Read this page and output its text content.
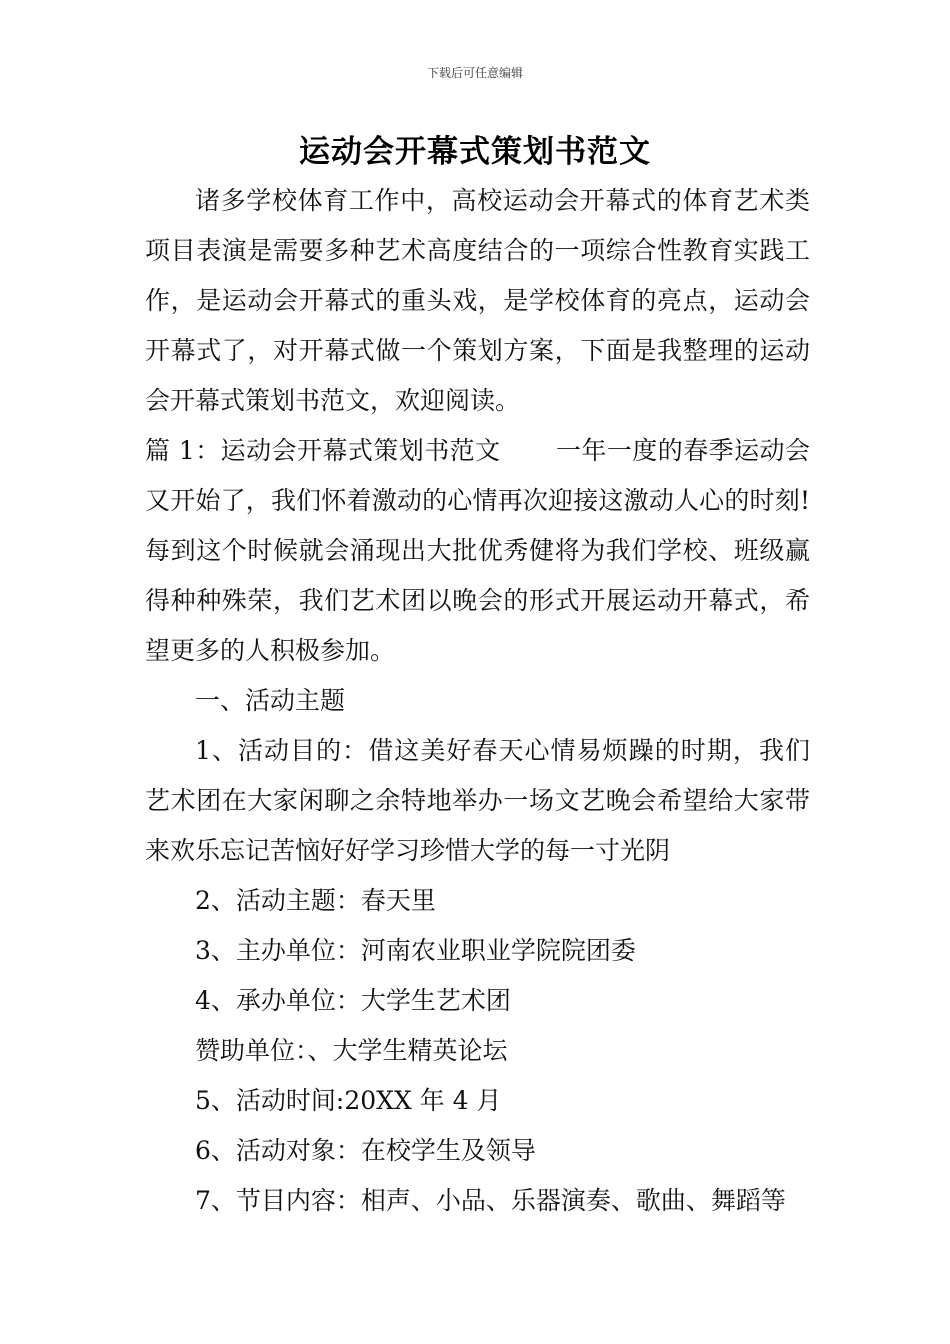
下载后可任意编辑
运动会开幕式策划书范文

诸多学校体育工作中，高校运动会开幕式的体育艺术类项目表演是需要多种艺术高度结合的一项综合性教育实践工作，是运动会开幕式的重头戏，是学校体育的亮点，运动会开幕式了，对开幕式做一个策划方案，下面是我整理的运动会开幕式策划书范文，欢迎阅读。

篇 1：运动会开幕式策划书范文 一年一度的春季运动会又开始了，我们怀着激动的心情再次迎接这激动人心的时刻!每到这个时候就会涌现出大批优秀健将为我们学校、班级赢得种种殊荣，我们艺术团以晚会的形式开展运动开幕式，希望更多的人积极参加。

一、活动主题

1、活动目的：借这美好春天心情易烦躁的时期，我们艺术团在大家闲聊之余特地举办一场文艺晚会希望给大家带来欢乐忘记苦恼好好学习珍惜大学的每一寸光阴

2、活动主题：春天里

3、主办单位：河南农业职业学院院团委

4、承办单位：大学生艺术团

赞助单位：、大学生精英论坛

5、活动时间:20XX 年 4 月

6、活动对象：在校学生及领导

7、节目内容：相声、小品、乐器演奏、歌曲、舞蹈等
